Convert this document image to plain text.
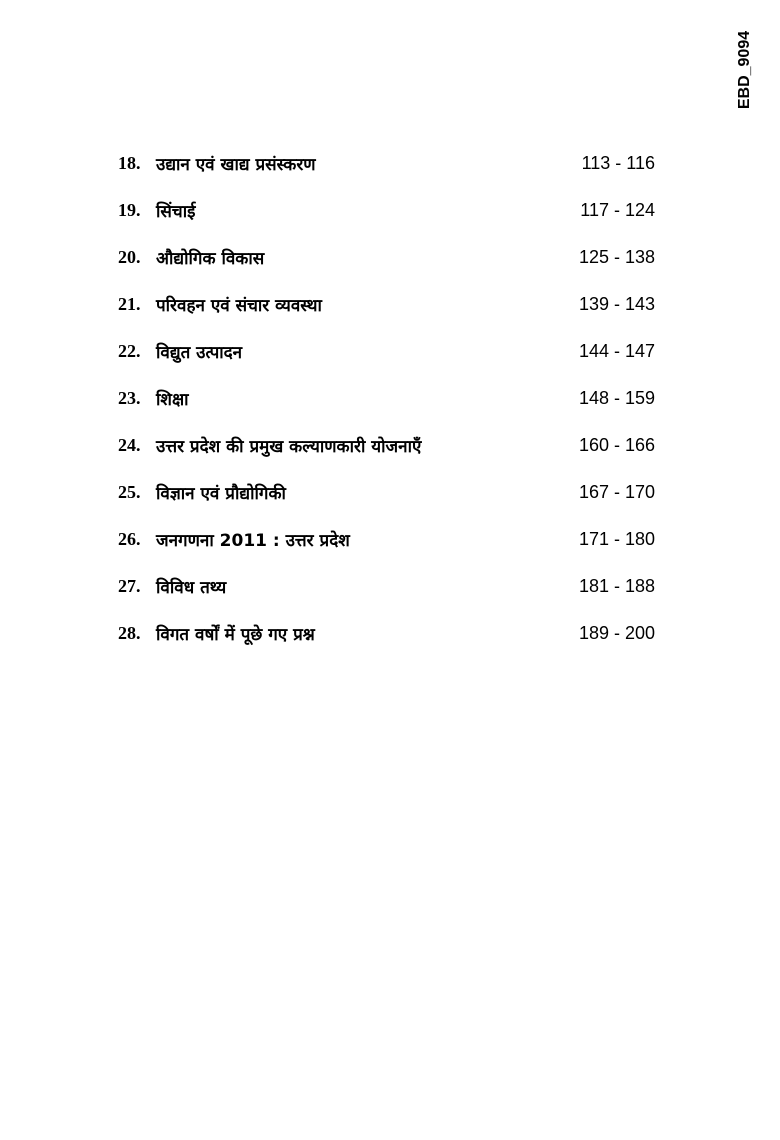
EBD_9094
18. उद्यान एवं खाद्य प्रसंस्करण	113 - 116
19. सिंचाई	117 - 124
20. औद्योगिक विकास	125 - 138
21. परिवहन एवं संचार व्यवस्था	139 - 143
22. विद्युत उत्पादन	144 - 147
23. शिक्षा	148 - 159
24. उत्तर प्रदेश की प्रमुख कल्याणकारी योजनाएँ	160 - 166
25. विज्ञान एवं प्रौद्योगिकी	167 - 170
26. जनगणना 2011 : उत्तर प्रदेश	171 - 180
27. विविध तथ्य	181 - 188
28. विगत वर्षों में पूछे गए प्रश्न	189 - 200
